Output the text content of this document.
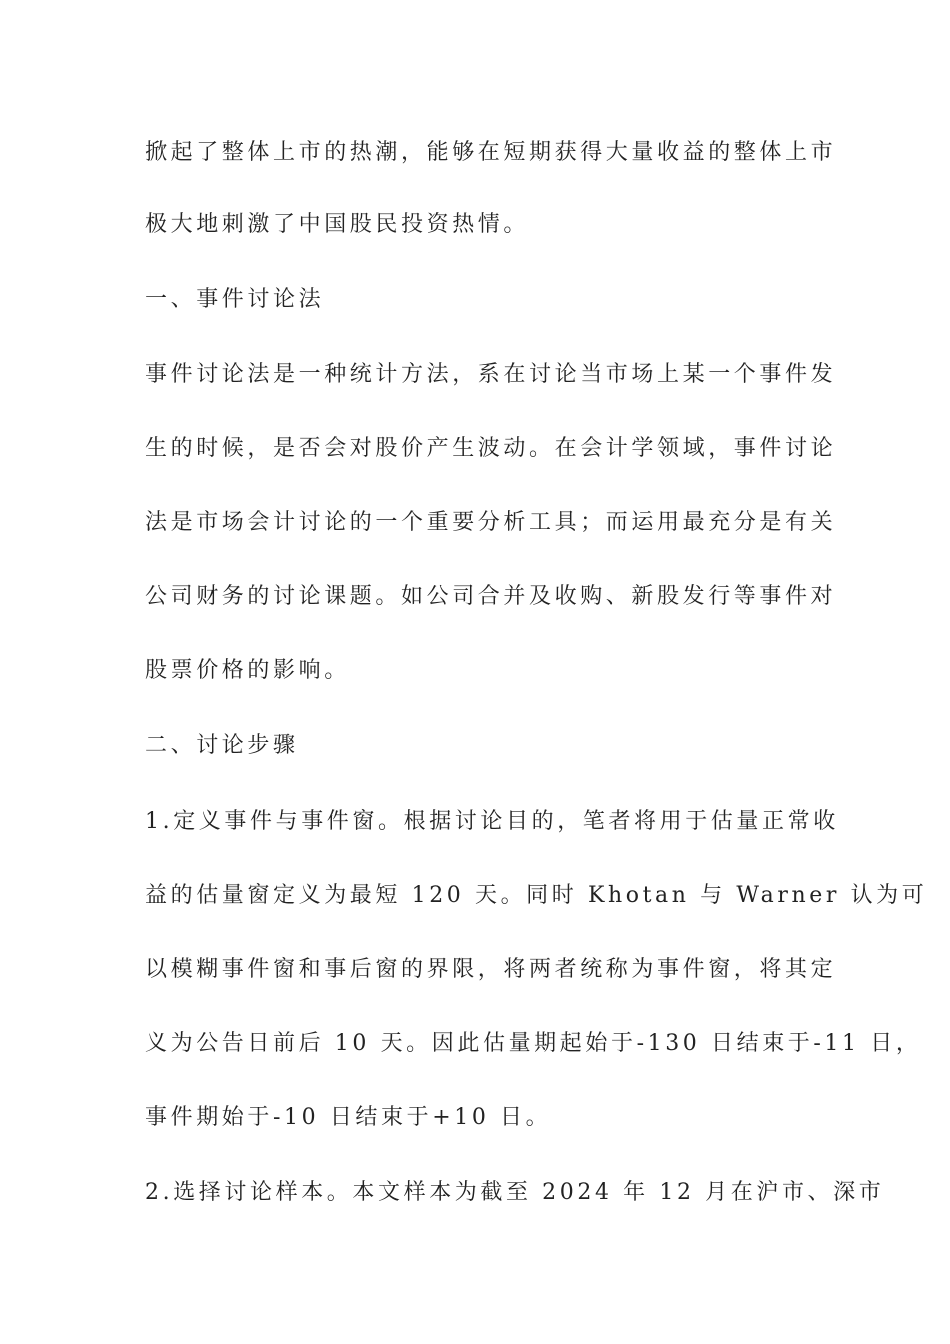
掀起了整体上市的热潮，能够在短期获得大量收益的整体上市
极大地刺激了中国股民投资热情。
一、事件讨论法
事件讨论法是一种统计方法，系在讨论当市场上某一个事件发
生的时候，是否会对股价产生波动。在会计学领域，事件讨论
法是市场会计讨论的一个重要分析工具；而运用最充分是有关
公司财务的讨论课题。如公司合并及收购、新股发行等事件对
股票价格的影响。
二、讨论步骤
1.定义事件与事件窗。根据讨论目的，笔者将用于估量正常收
益的估量窗定义为最短 120 天。同时 Khotan 与 Warner 认为可
以模糊事件窗和事后窗的界限，将两者统称为事件窗，将其定
义为公告日前后 10 天。因此估量期起始于-130 日结束于-11 日，
事件期始于-10 日结束于+10 日。
2.选择讨论样本。本文样本为截至 2024 年 12 月在沪市、深市
